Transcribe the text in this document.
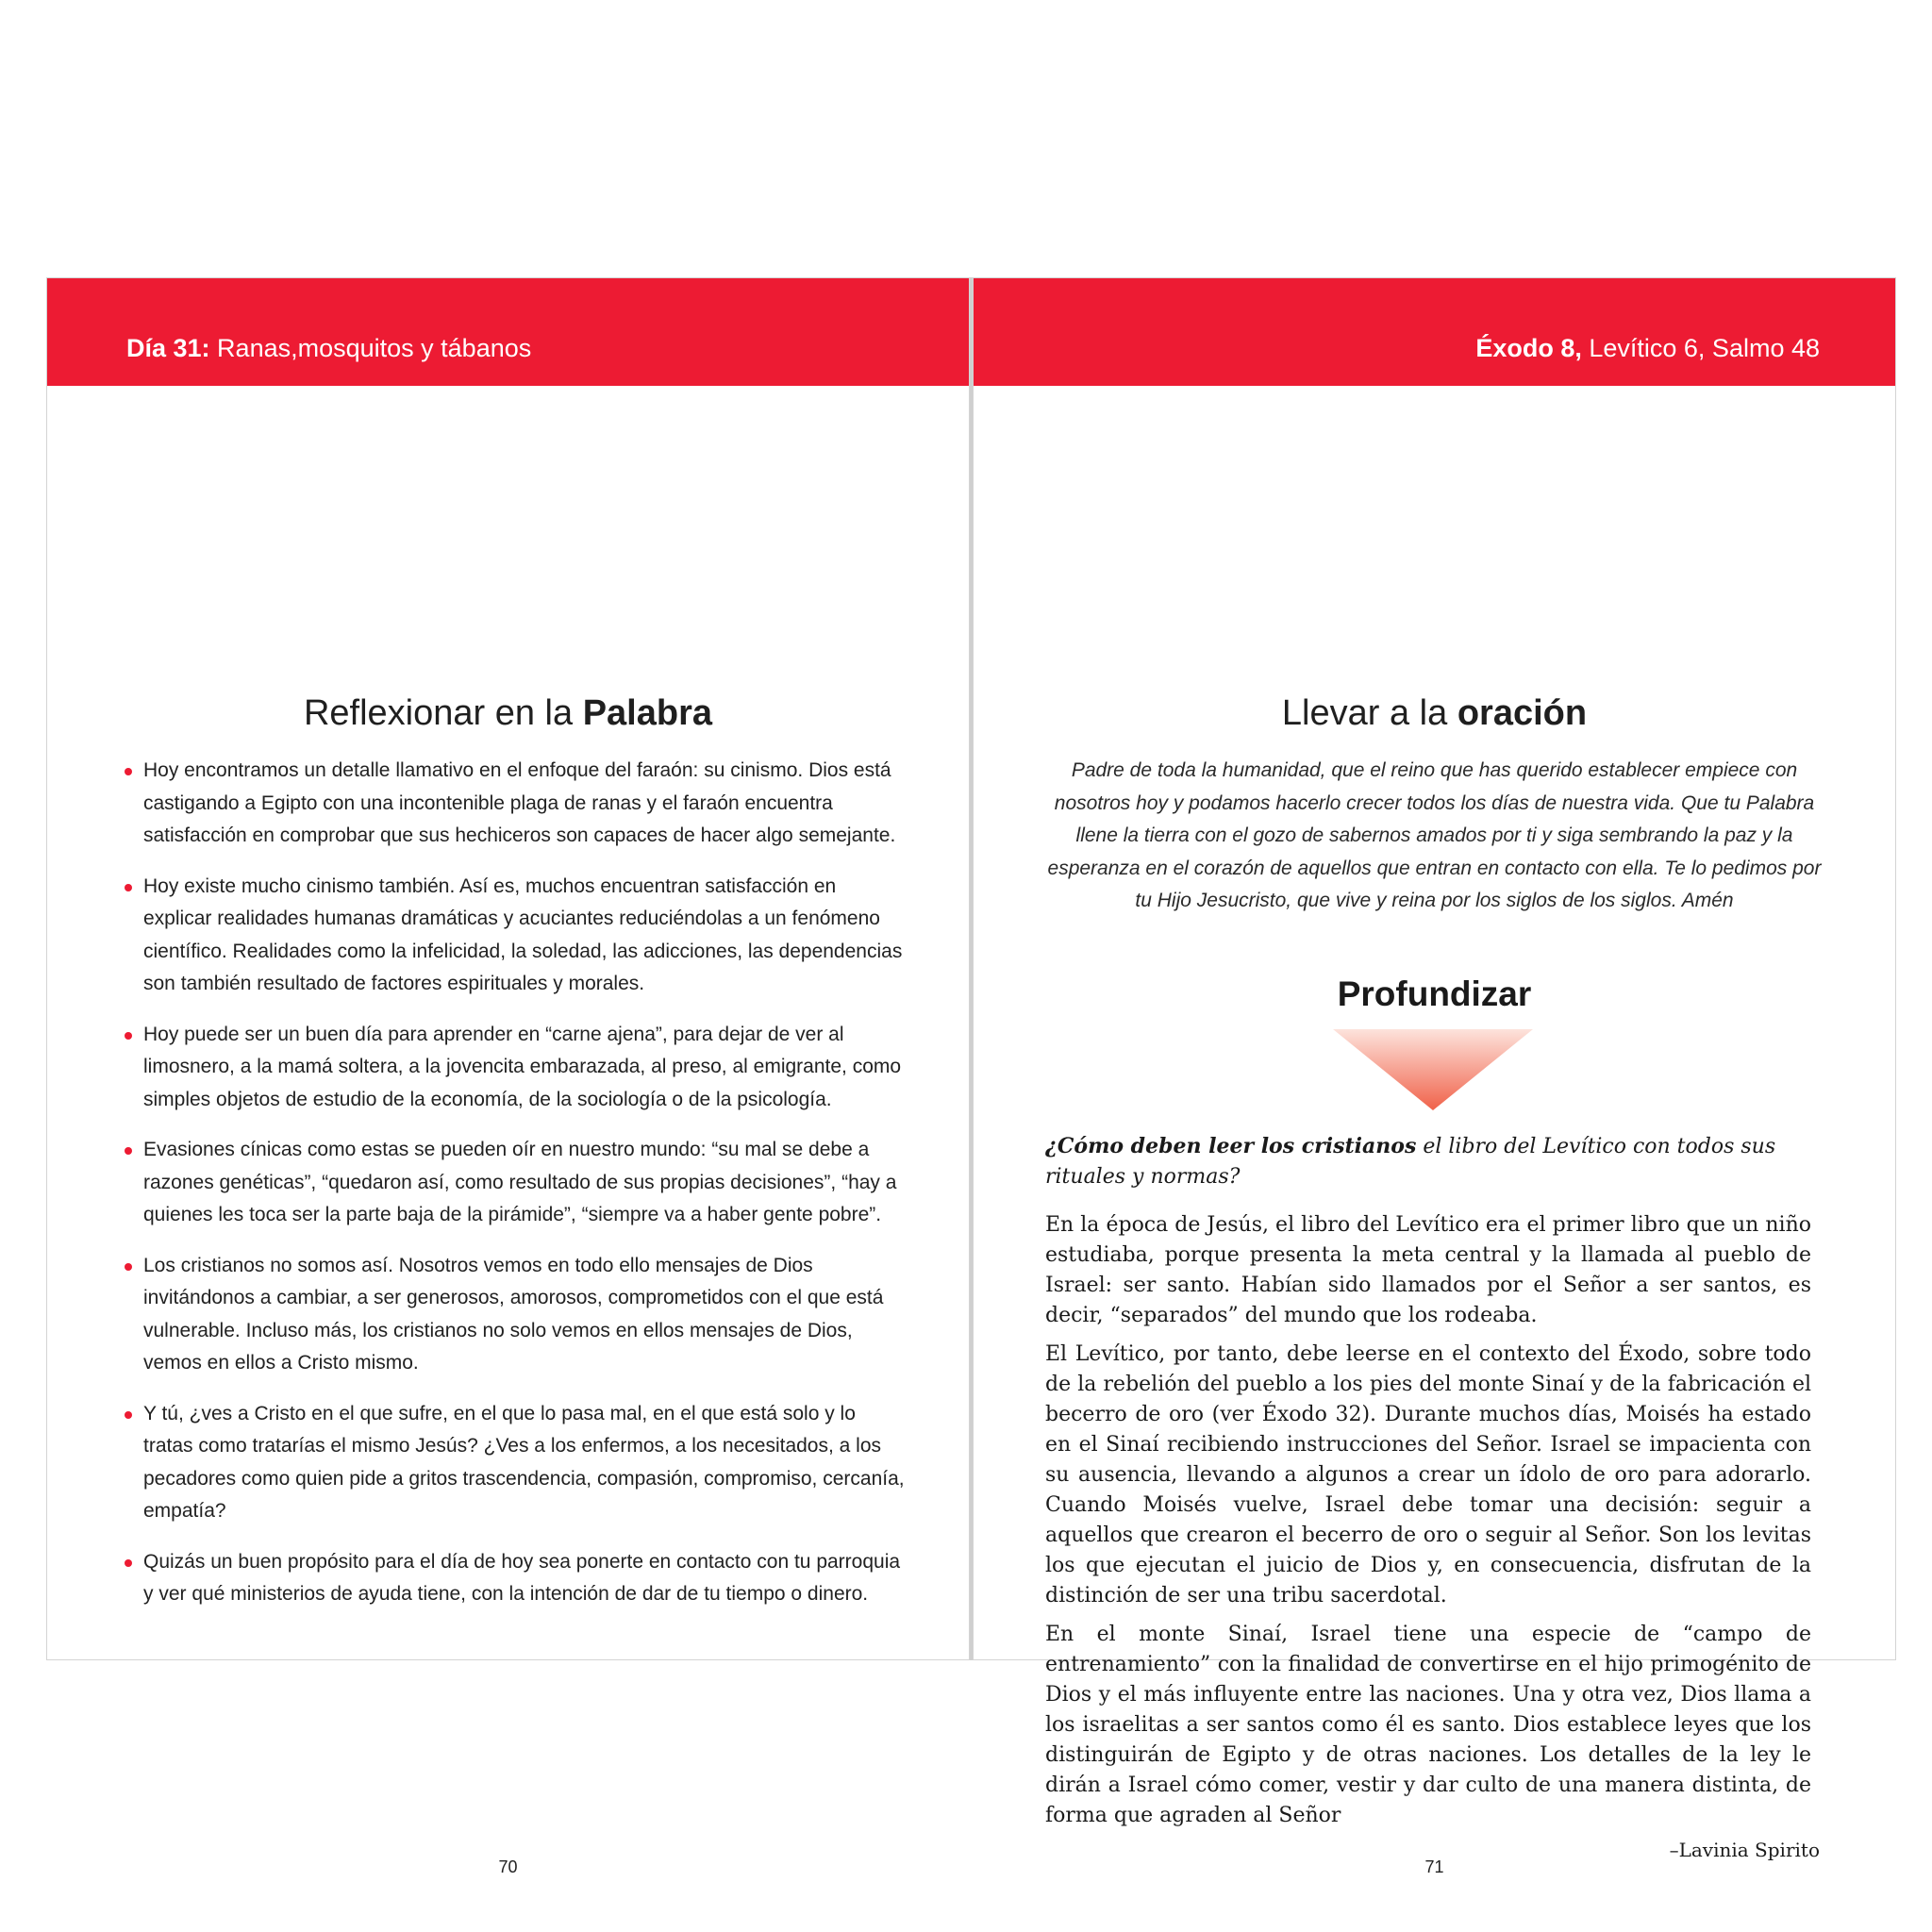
Día 31: Ranas,mosquitos y tábanos
Reflexionar en la Palabra
Hoy encontramos un detalle llamativo en el enfoque del faraón: su cinismo. Dios está castigando a Egipto con una incontenible plaga de ranas y el faraón encuentra satisfacción en comprobar que sus hechiceros son capaces de hacer algo semejante.
Hoy existe mucho cinismo también. Así es, muchos encuentran satisfacción en explicar realidades humanas dramáticas y acuciantes reduciéndolas a un fenómeno científico. Realidades como la infelicidad, la soledad, las adicciones, las dependencias son también resultado de factores espirituales y morales.
Hoy puede ser un buen día para aprender en “carne ajena”, para dejar de ver al limosnero, a la mamá soltera, a la jovencita embarazada, al preso, al emigrante, como simples objetos de estudio de la economía, de la sociología o de la psicología.
Evasiones cínicas como estas se pueden oír en nuestro mundo: “su mal se debe a razones genéticas”, “quedaron así, como resultado de sus propias decisiones”, “hay a quienes les toca ser la parte baja de la pirámide”, “siempre va a haber gente pobre”.
Los cristianos no somos así. Nosotros vemos en todo ello mensajes de Dios invitándonos a cambiar, a ser generosos, amorosos, comprometidos con el que está vulnerable. Incluso más, los cristianos no solo vemos en ellos mensajes de Dios, vemos en ellos a Cristo mismo.
Y tú, ¿ves a Cristo en el que sufre, en el que lo pasa mal, en el que está solo y lo tratas como tratarías el mismo Jesús? ¿Ves a los enfermos, a los necesitados, a los pecadores como quien pide a gritos trascendencia, compasión, compromiso, cercanía, empatía?
Quizás un buen propósito para el día de hoy sea ponerte en contacto con tu parroquia y ver qué ministerios de ayuda tiene, con la intención de dar de tu tiempo o dinero.
70
Éxodo 8, Levítico 6, Salmo 48
Llevar a la oración
Padre de toda la humanidad, que el reino que has querido establecer empiece con nosotros hoy y podamos hacerlo crecer todos los días de nuestra vida. Que tu Palabra llene la tierra con el gozo de sabernos amados por ti y siga sembrando la paz y la esperanza en el corazón de aquellos que entran en contacto con ella. Te lo pedimos por tu Hijo Jesucristo, que vive y reina por los siglos de los siglos. Amén
Profundizar
¿Cómo deben leer los cristianos el libro del Levítico con todos sus rituales y normas?

En la época de Jesús, el libro del Levítico era el primer libro que un niño estudiaba, porque presenta la meta central y la llamada al pueblo de Israel: ser santo. Habían sido llamados por el Señor a ser santos, es decir, “separados” del mundo que los rodeaba.

El Levítico, por tanto, debe leerse en el contexto del Éxodo, sobre todo de la rebelión del pueblo a los pies del monte Sinaí y de la fabricación el becerro de oro (ver Éxodo 32). Durante muchos días, Moisés ha estado en el Sinaí recibiendo instrucciones del Señor. Israel se impacienta con su ausencia, llevando a algunos a crear un ídolo de oro para adorarlo. Cuando Moisés vuelve, Israel debe tomar una decisión: seguir a aquellos que crearon el becerro de oro o seguir al Señor. Son los levitas los que ejecutan el juicio de Dios y, en consecuencia, disfrutan de la distinción de ser una tribu sacerdotal.

En el monte Sinaí, Israel tiene una especie de “campo de entrenamiento” con la finalidad de convertirse en el hijo primogénito de Dios y el más influyente entre las naciones. Una y otra vez, Dios llama a los israelitas a ser santos como él es santo. Dios establece leyes que los distinguirán de Egipto y de otras naciones. Los detalles de la ley le dirán a Israel cómo comer, vestir y dar culto de una manera distinta, de forma que agraden al Señor

–Lavinia Spirito
71
